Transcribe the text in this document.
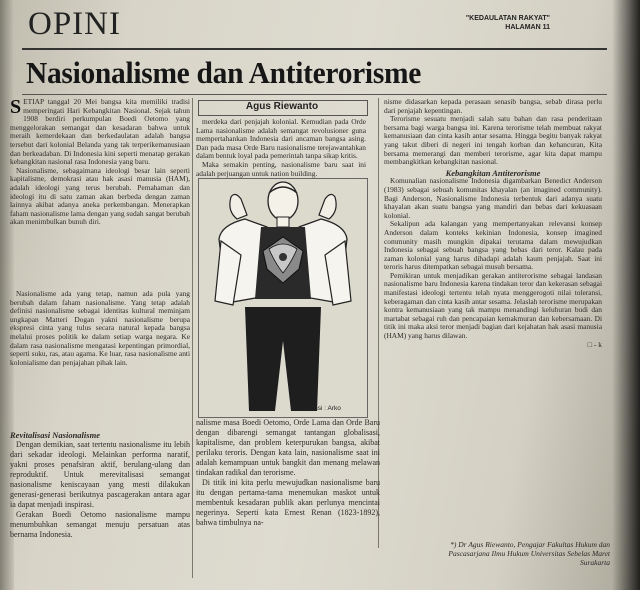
OPINI	"KEDAULATAN RAKYAT"
HALAMAN 11
Nasionalisme dan Antiterorisme

SETIAP tanggal 20 Mei bangsa kita memiliki tradisi memperingati Hari Kebangkitan Nasional. Sejak tahun 1908 berdiri perkumpulan Boedi Oetomo yang menggelorakan semangat dan kesadaran bahwa untuk meraih kemerdekaan dan berkedaulatan adalah bangsa tersebut dari kolonial Belanda yang tak terperikemanusiaan dan berkeadaban. Di Indonesia kini seperti menatap gerakan kebangkitan nasional rasa Indonesia yang baru.

Nasionalisme, sebagaimana ideologi besar lain seperti kapitalisme, demokrasi atau hak asasi manusia (HAM), adalah ideologi yang terus berubah. Pemahaman dan ideologi itu di satu zaman akan berbeda dengan zaman lainnya akibat adanya aneka perkembangan. Menerapkan faham nasionalisme lama dengan yang sudah sangat berubah akan menimbulkan bunuh diri.

Nasionalisme ada yang tetap, namun ada pula yang berubah dalam faham nasionalisme. Yang tetap adalah definisi nasionalisme sebagai identitas kultural meminjam ungkapan Matteri Dogan yakni nasionalisme berupa ekspresi cinta yang tulus secara natural kepada bangsa melalui proses politik ke dalam setiap warga negara. Ke dalam rasa nasionalisme mengatasi kepentingan primordial, seperti suku, ras, atau agama. Ke luar, rasa nasionalisme anti kolonialisme dan penjajahan pihak lain.

Revitalisasi Nasionalisme

Dengan demikian, saat tertentu nasionalisme itu lebih dari sekadar ideologi. Melainkan performa naratif, yakni proses penafsiran aktif, berulang-ulang dan reproduktif. Untuk merevitalisasi semangat nasionalisme keniscayaan yang mesti dilakukan generasi-generasi berikutnya pascagerakan antara agar ia dapat menjadi inspirasi.

Gerakan Boedi Oetomo nasionalisme mampu menumbuhkan semangat menuju persatuan atas bernama Indonesia.

Agus Riewanto

merdeka dari penjajah kolonial. Kemudian pada Orde Lama nasionalisme adalah semangat revolusioner guna mempertahankan Indonesia dari ancaman bangsa asing. Dan pada masa Orde Baru nasionalisme terejawantahkan dalam bentuk loyal pada pemerintah tanpa sikap kritis.

Maka semakin penting, nasionalisme baru saat ini adalah perjuangan untuk nation building.

Ilustrasi : Arko

nalisme masa Boedi Oetomo, Orde Lama dan Orde Baru dengan dibarengi semangat tantangan globalisasi, kapitalisme, dan problem keterpurukan bangsa, akibat perilaku teroris. Dengan kata lain, nasionalisme saat ini adalah kemampuan untuk bangkit dan menang melawan tindakan radikal dan terorisme.

Di titik ini kita perlu mewujudkan nasionalisme baru itu dengan pertama-tama menemukan maskot untuk membentuk kesadaran publik akan perlunya mencintai negerinya. Seperti kata Ernest Renan (1823-1892), bahwa timbulnya na-

nisme didasarkan kepada perasaan senasib bangsa, sebab dirasa perlu dari penjajah kepentingan.

Terorisme sesuatu menjadi salah satu bahan dan rasa penderitaan bersama bagi warga bangsa ini. Karena terorisme telah membuat rakyat kemanusiaan dan cinta kasih antar sesama. Hingga begitu banyak rakyat yang takut diberi di negeri ini tengah korban dan kehancuran, Kita bersama memerangi dan memberi terorisme, agar kita dapat mampu membangkitkan kebangkitan nasional.

Kebangkitan Antiterorisme

Komunalian nasionalisme Indonesia digambarkan Benedict Anderson (1983) sebagai sebuah komunitas khayalan (an imagined community). Bagi Anderson, Nasionalisme Indonesia terbentuk dari adanya suatu khayalan akan suatu bangsa yang mandiri dan bebas dari kekuasaan kolonial.

Sekalipun ada kalangan yang mempertanyakan relevansi konsep Anderson dalam konteks kekinian Indonesia, konsep imagined community masih mungkin dipakai terutama dalam mewujudkan Indonesia sebagai sebuah bangsa yang bebas dari teror. Kalau pada zaman kolonial yang harus dihadapi adalah kaum penjajah. Saat ini teroris harus ditempatkan sebagai musuh bersama.

Pemikiran untuk menjadikan gerakan antiterorisme sebagai landasan nasionalisme baru Indonesia karena tindakan teror dan kekerasan sebagai manifestasi ideologi tertentu telah nyata menggerogoti nilai toleransi, keberagaman dan cinta kasih antar sesama. Jelaslah terorisme merupakan kontra kemanusiaan yang tak mampu menandingi keluhuran budi dan martabat sebagai ruh dan pencapaian kemakmuran dan kebersamaan. Di titik ini maka aksi teror menjadi bagian dari kejahatan hak asasi manusia (HAM) yang harus dilawan.

□ - k

*) Dr Agus Riewanto, Pengajar Fakultas Hukum dan Pascasarjana Ilmu Hukum Universitas Sebelas Maret Surakarta
